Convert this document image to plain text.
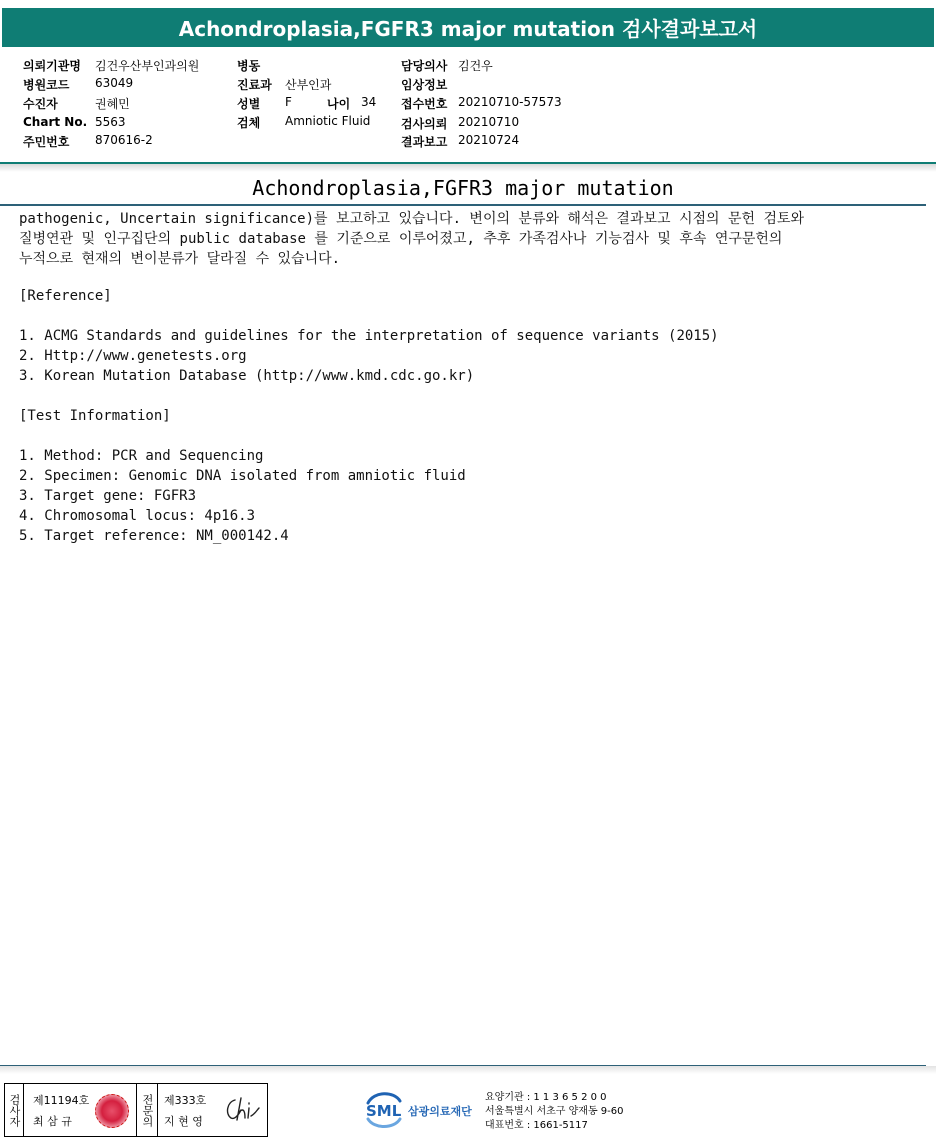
Achondroplasia,FGFR3 major mutation 검사결과보고서
의뢰기관명 김건우산부인과의원
병원코드 63049
수진자	권혜민
Chart No. 5563
주민번호 870616-2
병동
진료과 산부인과
성별 F	나이 34
검체 Amniotic Fluid
담당의사 김건우
임상정보
접수번호 20210710-57573
검사의뢰 20210710
결과보고 20210724
Achondroplasia,FGFR3 major mutation
pathogenic, Uncertain significance)를 보고하고 있습니다. 변이의 분류와 해석은 결과보고 시점의 문헌 검토와
질병연관 및 인구집단의 public database 를 기준으로 이루어졌고, 추후 가족검사나 기능검사 및 후속 연구문헌의
누적으로 현재의 변이분류가 달라질 수 있습니다.
[Reference]
1. ACMG Standards and guidelines for the interpretation of sequence variants (2015)
2. Http://www.genetests.org
3. Korean Mutation Database (http://www.kmd.cdc.go.kr)
[Test Information]
1. Method: PCR and Sequencing
2. Specimen: Genomic DNA isolated from amniotic fluid
3. Target gene: FGFR3
4. Chromosomal locus: 4p16.3
5. Target reference: NM_000142.4
검사자 제11194호
최 삼 규	전문의 제333호
지 현 영
SML 삼광의료재단
요양기관 : 1 1 3 6 5 2 0 0
서울특별시 서초구 양재동 9-60
대표번호 : 1661-5117
